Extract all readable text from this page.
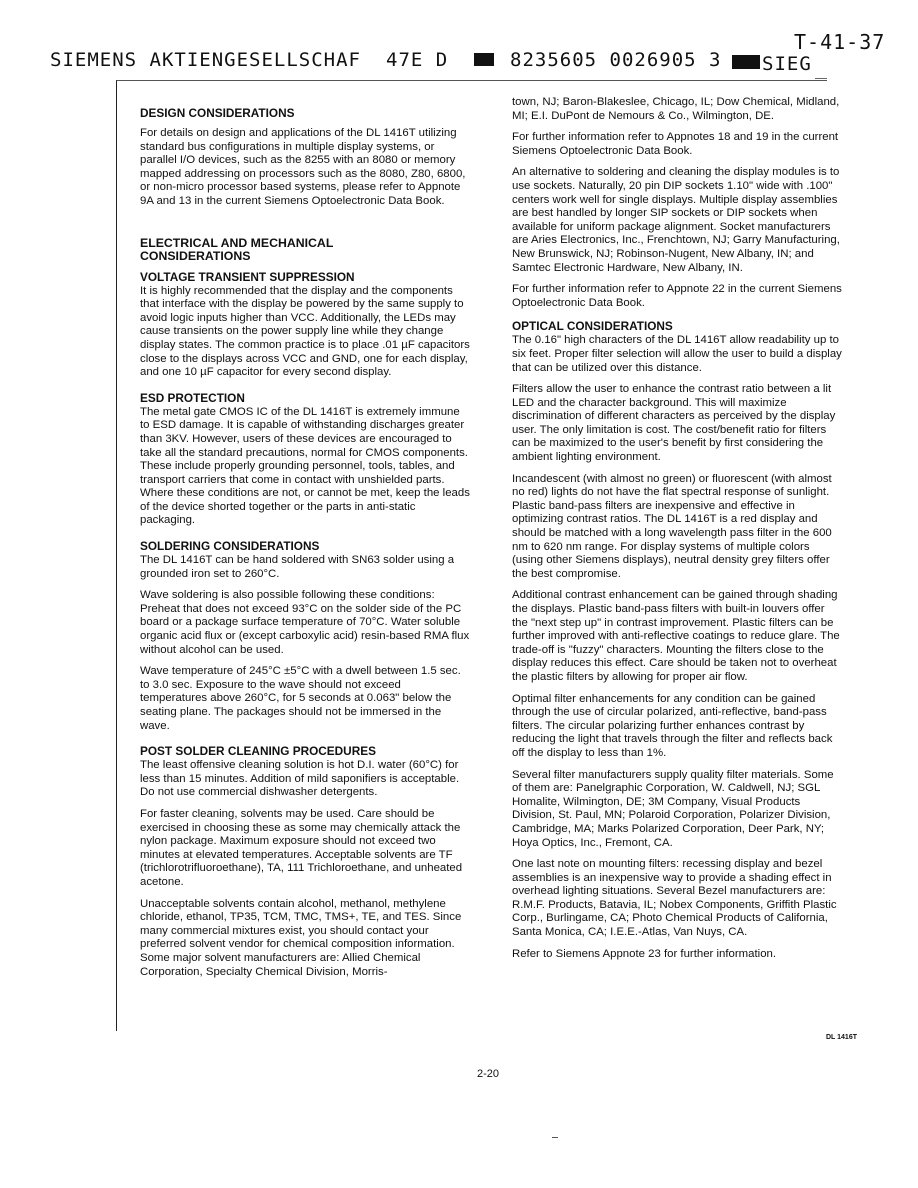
T-41-37
SIEMENS AKTIENGESELLSCHAF 47E D	8235605 0026905 3 SIEG
DESIGN CONSIDERATIONS

For details on design and applications of the DL 1416T utilizing standard bus configurations in multiple display systems, or parallel I/O devices, such as the 8255 with an 8080 or memory mapped addressing on processors such as the 8080, Z80, 6800, or non-micro processor based systems, please refer to Appnote 9A and 13 in the current Siemens Optoelectronic Data Book.

ELECTRICAL AND MECHANICAL
CONSIDERATIONS
VOLTAGE TRANSIENT SUPPRESSION

It is highly recommended that the display and the components that interface with the display be powered by the same supply to avoid logic inputs higher than VCC. Additionally, the LEDs may cause transients on the power supply line while they change display states. The common practice is to place .01 µF capacitors close to the displays across VCC and GND, one for each display, and one 10 µF capacitor for every second display.

ESD PROTECTION

The metal gate CMOS IC of the DL 1416T is extremely immune to ESD damage. It is capable of withstanding discharges greater than 3KV. However, users of these devices are encouraged to take all the standard precautions, normal for CMOS components. These include properly grounding personnel, tools, tables, and transport carriers that come in contact with unshielded parts. Where these conditions are not, or cannot be met, keep the leads of the device shorted together or the parts in anti-static packaging.

SOLDERING CONSIDERATIONS

The DL 1416T can be hand soldered with SN63 solder using a grounded iron set to 260°C.

Wave soldering is also possible following these conditions: Preheat that does not exceed 93°C on the solder side of the PC board or a package surface temperature of 70°C. Water soluble organic acid flux or (except carboxylic acid) resin-based RMA flux without alcohol can be used.

Wave temperature of 245°C ±5°C with a dwell between 1.5 sec. to 3.0 sec. Exposure to the wave should not exceed temperatures above 260°C, for 5 seconds at 0.063" below the seating plane. The packages should not be immersed in the wave.

POST SOLDER CLEANING PROCEDURES

The least offensive cleaning solution is hot D.I. water (60°C) for less than 15 minutes. Addition of mild saponifiers is acceptable. Do not use commercial dishwasher detergents.

For faster cleaning, solvents may be used. Care should be exercised in choosing these as some may chemically attack the nylon package. Maximum exposure should not exceed two minutes at elevated temperatures. Acceptable solvents are TF (trichlorotrifluoroethane), TA, 111 Trichloroethane, and unheated acetone.

Unacceptable solvents contain alcohol, methanol, methylene chloride, ethanol, TP35, TCM, TMC, TMS+, TE, and TES. Since many commercial mixtures exist, you should contact your preferred solvent vendor for chemical composition information. Some major solvent manufacturers are: Allied Chemical Corporation, Specialty Chemical Division, Morris-

town, NJ; Baron-Blakeslee, Chicago, IL; Dow Chemical, Midland, MI; E.I. DuPont de Nemours & Co., Wilmington, DE.

For further information refer to Appnotes 18 and 19 in the current Siemens Optoelectronic Data Book.

An alternative to soldering and cleaning the display modules is to use sockets. Naturally, 20 pin DIP sockets 1.10" wide with .100" centers work well for single displays. Multiple display assemblies are best handled by longer SIP sockets or DIP sockets when available for uniform package alignment. Socket manufacturers are Aries Electronics, Inc., Frenchtown, NJ; Garry Manufacturing, New Brunswick, NJ; Robinson-Nugent, New Albany, IN; and Samtec Electronic Hardware, New Albany, IN.

For further information refer to Appnote 22 in the current Siemens Optoelectronic Data Book.

OPTICAL CONSIDERATIONS

The 0.16" high characters of the DL 1416T allow readability up to six feet. Proper filter selection will allow the user to build a display that can be utilized over this distance.

Filters allow the user to enhance the contrast ratio between a lit LED and the character background. This will maximize discrimination of different characters as perceived by the display user. The only limitation is cost. The cost/benefit ratio for filters can be maximized to the user's benefit by first considering the ambient lighting environment.

Incandescent (with almost no green) or fluorescent (with almost no red) lights do not have the flat spectral response of sunlight. Plastic band-pass filters are inexpensive and effective in optimizing contrast ratios. The DL 1416T is a red display and should be matched with a long wavelength pass filter in the 600 nm to 620 nm range. For display systems of multiple colors (using other Siemens displays), neutral density grey filters offer the best compromise.

Additional contrast enhancement can be gained through shading the displays. Plastic band-pass filters with built-in louvers offer the "next step up" in contrast improvement. Plastic filters can be further improved with anti-reflective coatings to reduce glare. The trade-off is "fuzzy" characters. Mounting the filters close to the display reduces this effect. Care should be taken not to overheat the plastic filters by allowing for proper air flow.

Optimal filter enhancements for any condition can be gained through the use of circular polarized, anti-reflective, band-pass filters. The circular polarizing further enhances contrast by reducing the light that travels through the filter and reflects back off the display to less than 1%.

Several filter manufacturers supply quality filter materials. Some of them are: Panelgraphic Corporation, W. Caldwell, NJ; SGL Homalite, Wilmington, DE; 3M Company, Visual Products Division, St. Paul, MN; Polaroid Corporation, Polarizer Division, Cambridge, MA; Marks Polarized Corporation, Deer Park, NY; Hoya Optics, Inc., Fremont, CA.

One last note on mounting filters: recessing display and bezel assemblies is an inexpensive way to provide a shading effect in overhead lighting situations. Several Bezel manufacturers are: R.M.F. Products, Batavia, IL; Nobex Components, Griffith Plastic Corp., Burlingame, CA; Photo Chemical Products of California, Santa Monica, CA; I.E.E.-Atlas, Van Nuys, CA.

Refer to Siemens Appnote 23 for further information.

DL 1416T
2-20
